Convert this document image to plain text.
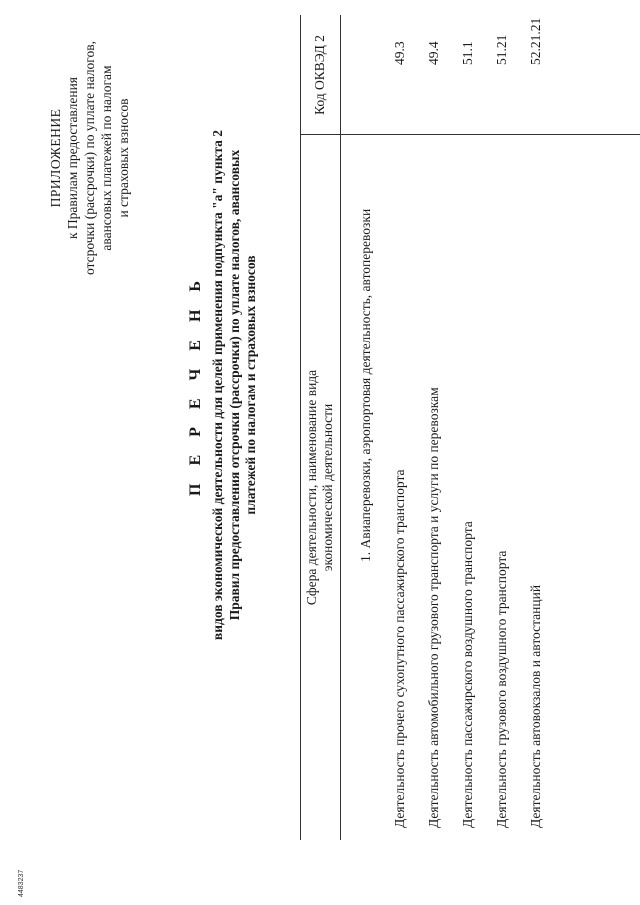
ПРИЛОЖЕНИЕ к Правилам предоставления отсрочки (рассрочки) по уплате налогов, авансовых платежей по налогам и страховых взносов
П Е Р Е Ч Е Н Ь видов экономической деятельности для целей применения подпункта "а" пункта 2 Правил предоставления отсрочки (рассрочки) по уплате налогов, авансовых платежей по налогам и страховых взносов	Сфера деятельности, наименование вида экономической деятельности
Код ОКВЭД 2
1. Авиаперевозки, аэропортовая деятельность, автоперевозки
Деятельность прочего сухопутного пассажирского транспорта
49.3
Деятельность автомобильного грузового транспорта и услуги по перевозкам
49.4
Деятельность пассажирского воздушного транспорта
51.1
Деятельность грузового воздушного транспорта
51.21
Деятельность автовокзалов и автостанций
52.21.21
4483237
